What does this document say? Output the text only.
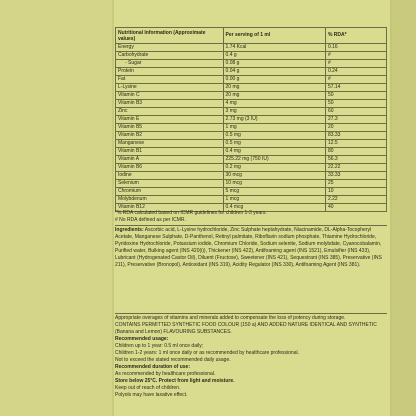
Nutritional Information (Approximate values)	Per serving of 1 ml	% RDA*
Energy	1.74 Kcal	0.16
Carbohydrate	0.4 g	#
- Sugar	0.08 g	#
Protein	0.04 g	0.24
Fat	0.00 g	#
L-Lysine	20 mg	57.14
Vitamin C	20 mg	50
Vitamin B3	4 mg	50
Zinc	3 mg	60
Vitamin E	2.73 mg (3 IU)	27.3
Vitamin B5	1 mg	20
Vitamin B2	0.5 mg	83.33
Manganese	0.5 mg	12.5
Vitamin B1	0.4 mg	80
Vitamin A	225.22 mg (750 IU)	56.3
Vitamin B6	0.2 mg	22.22
Iodine	30 mcg	33.33
Selenium	10 mcg	25
Chromium	5 mcg	10
Molybdenum	1 mcg	2.22
Vitamin B12	0.4 mcg	40

*% RDA calculated based on ICMR guidelines for children 1-3 years.

# No RDA defined as per ICMR.

Ingredients: Ascorbic acid, L-Lysine hydrochloride, Zinc Sulphate heptahydrate, Niacinamide, DL-Alpha-Tocopheryl Acetate, Manganese Sulphate, D-Panthenol, Retinyl palmitate, Riboflavin sodium phosphate, Thiamine Hydrochloride, Pyridoxine Hydrochloride, Potassium iodide, Chromium Chloride, Sodium selenite, Sodium molybdate, Cyanocobalamin, Purified water, Bulking agent (INS 420(i)), Thickener (INS 422), Antifoaming agent (INS 1521), Emulsifier (INS 433), Lubricant (Hydrogenated Castor Oil), Diluent (Fructose), Sweetener (INS 421), Sequestrant (INS 385), Preservative (INS 211), Preservative (Bronopol), Antioxidant (INS 319), Acidity Regulator (INS 330), Antifoaming Agent (INS 381).

Appropriate overages of vitamins and minerals added to compensate the loss of potency during storage.

CONTAINS PERMITTED SYNTHETIC FOOD COLOUR (150 a) AND ADDED NATURE IDENTICAL AND SYNTHETIC (Banana and Lemon) FLAVOURING SUBSTANCES.

Recommended usage:

Children up to 1 year: 0.5 ml once daily;

Children 1-2 years: 1 ml once daily or as recommended by healthcare professional.

Not to exceed the stated recommended daily usage.

Recommended duration of use:

As recommended by healthcare professional.

Store below 25°C. Protect from light and moisture.

Keep out of reach of children.

Polyols may have laxative effect.
